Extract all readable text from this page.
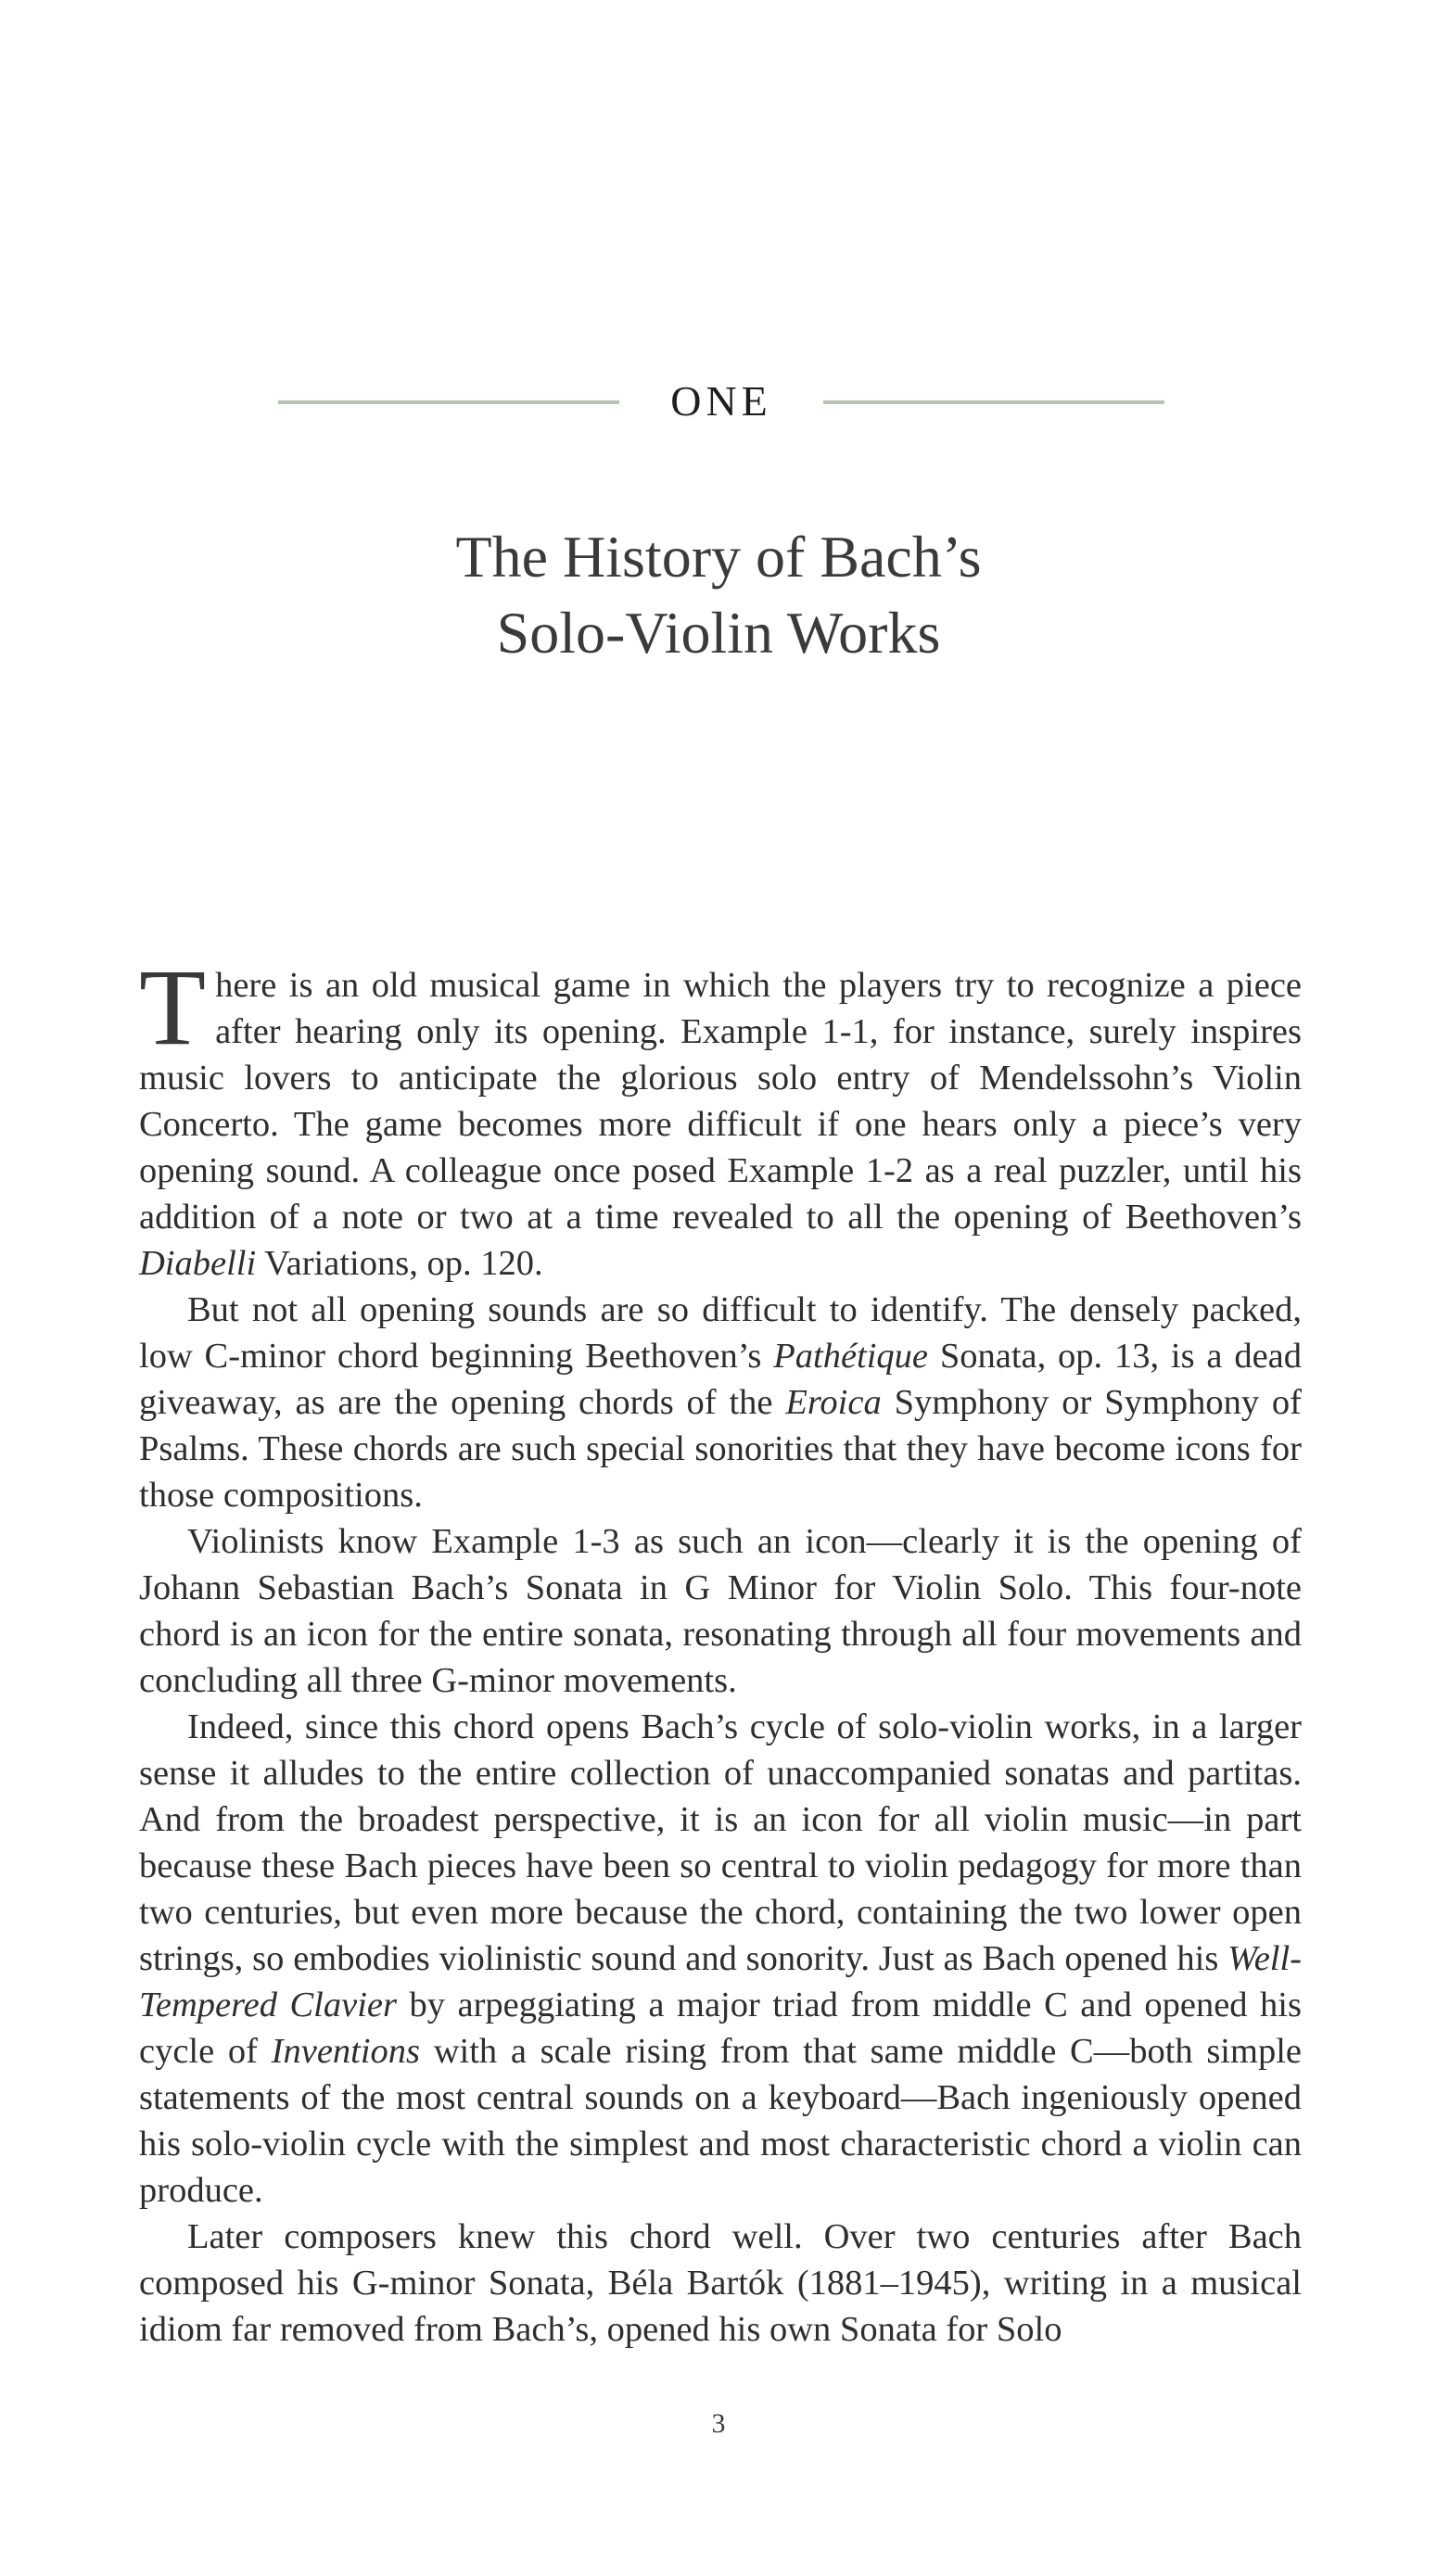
ONE
The History of Bach’s
Solo-Violin Works

There is an old musical game in which the players try to recognize a piece after hearing only its opening. Example 1-1, for instance, surely inspires music lovers to anticipate the glorious solo entry of Mendelssohn’s Violin Concerto. The game becomes more difficult if one hears only a piece’s very opening sound. A colleague once posed Example 1-2 as a real puzzler, until his addition of a note or two at a time revealed to all the opening of Beethoven’s Diabelli Variations, op. 120.

But not all opening sounds are so difficult to identify. The densely packed, low C-minor chord beginning Beethoven’s Pathétique Sonata, op. 13, is a dead giveaway, as are the opening chords of the Eroica Symphony or Symphony of Psalms. These chords are such special sonorities that they have become icons for those compositions.

Violinists know Example 1-3 as such an icon—clearly it is the opening of Johann Sebastian Bach’s Sonata in G Minor for Violin Solo. This four-note chord is an icon for the entire sonata, resonating through all four movements and concluding all three G-minor movements.

Indeed, since this chord opens Bach’s cycle of solo-violin works, in a larger sense it alludes to the entire collection of unaccompanied sonatas and partitas. And from the broadest perspective, it is an icon for all violin music—in part because these Bach pieces have been so central to violin pedagogy for more than two centuries, but even more because the chord, containing the two lower open strings, so embodies violinistic sound and sonority. Just as Bach opened his Well-Tempered Clavier by arpeggiating a major triad from middle C and opened his cycle of Inventions with a scale rising from that same middle C—both simple statements of the most central sounds on a keyboard—Bach ingeniously opened his solo-violin cycle with the simplest and most characteristic chord a violin can produce.

Later composers knew this chord well. Over two centuries after Bach composed his G-minor Sonata, Béla Bartók (1881–1945), writing in a musical idiom far removed from Bach’s, opened his own Sonata for Solo

3
